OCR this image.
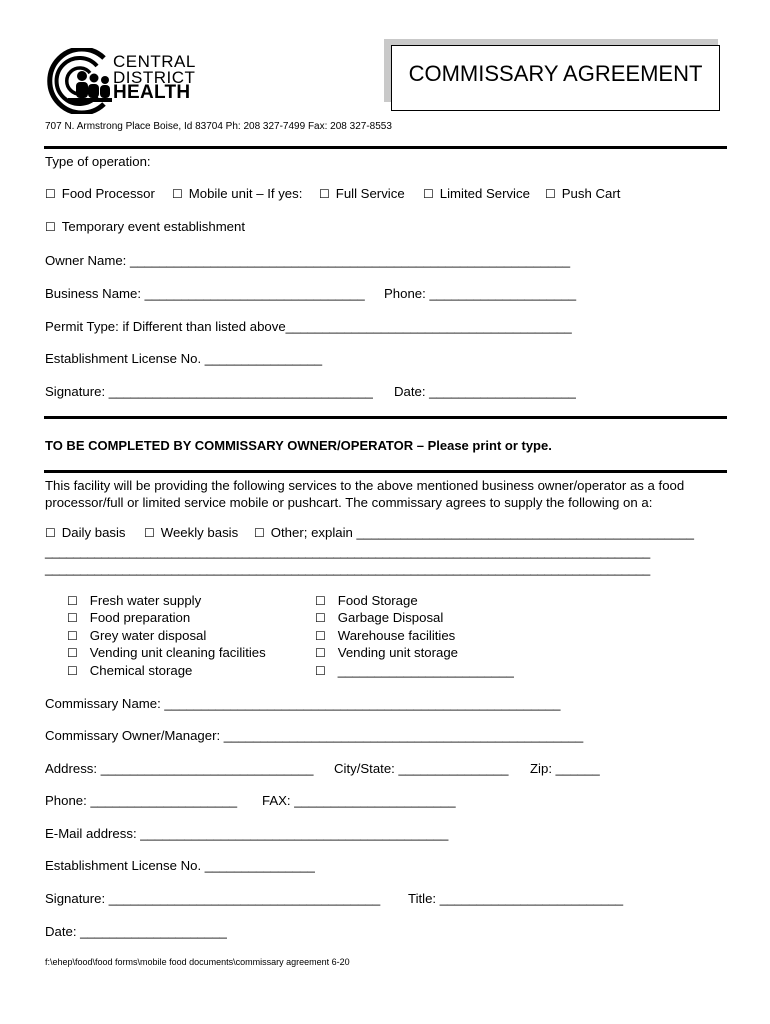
CENTRAL
DISTRICT
HEALTH
COMMISSARY AGREEMENT
707 N. Armstrong Place Boise, Id 83704 Ph: 208 327-7499 Fax: 208 327-8553
Type of operation:
☐ Food Processor ☐ Mobile unit – If yes: ☐ Full Service ☐ Limited Service ☐ Push Cart
☐ Temporary event establishment
Owner Name: ____________________________________________________________
Business Name: ______________________________ Phone: ____________________
Permit Type: if Different than listed above_______________________________________
Establishment License No. ________________
Signature: ____________________________________ Date: ____________________
TO BE COMPLETED BY COMMISSARY OWNER/OPERATOR – Please print or type.
This facility will be providing the following services to the above mentioned business owner/operator as a food processor/full or limited service mobile or pushcart. The commissary agrees to supply the following on a:
☐ Daily basis ☐ Weekly basis ☐ Other; explain ______________________________________________
______________________________________________________________________________________
______________________________________________________________________________________
☐ Fresh water supply
☐ Food preparation
☐ Grey water disposal
☐ Vending unit cleaning facilities
☐ Chemical storage
☐ Food Storage
☐ Garbage Disposal
☐ Warehouse facilities
☐ Vending unit storage
☐ ________________________
Commissary Name: ______________________________________________________
Commissary Owner/Manager: _________________________________________________
Address: _____________________________ City/State: _______________ Zip: ______
Phone: ____________________ FAX: ______________________
E-Mail address: __________________________________________
Establishment License No. _______________
Signature: _____________________________________ Title: _________________________
Date: ____________________
f:\ehep\food\food forms\mobile food documents\commissary agreement 6-20
